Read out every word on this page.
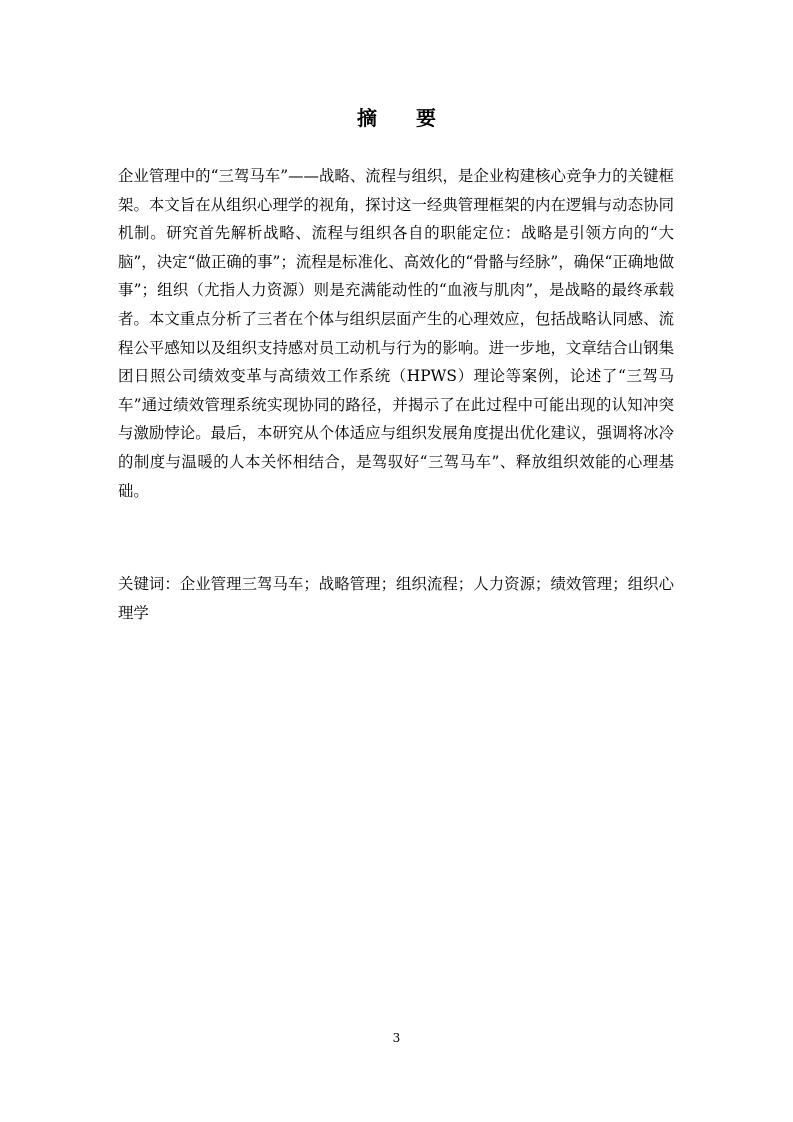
摘 要

企业管理中的“三驾马车”——战略、流程与组织，是企业构建核心竞争力的关键框架。本文旨在从组织心理学的视角，探讨这一经典管理框架的内在逻辑与动态协同机制。研究首先解析战略、流程与组织各自的职能定位：战略是引领方向的“大脑”，决定“做正确的事”；流程是标准化、高效化的“骨骼与经脉”，确保“正确地做事”；组织（尤指人力资源）则是充满能动性的“血液与肌肉”，是战略的最终承载者。本文重点分析了三者在个体与组织层面产生的心理效应，包括战略认同感、流程公平感知以及组织支持感对员工动机与行为的影响。进一步地，文章结合山钢集团日照公司绩效变革与高绩效工作系统（HPWS）理论等案例，论述了“三驾马车”通过绩效管理系统实现协同的路径，并揭示了在此过程中可能出现的认知冲突与激励悖论。最后，本研究从个体适应与组织发展角度提出优化建议，强调将冰冷的制度与温暖的人本关怀相结合，是驾驭好“三驾马车”、释放组织效能的心理基础。

关键词：企业管理三驾马车；战略管理；组织流程；人力资源；绩效管理；组织心理学

3
